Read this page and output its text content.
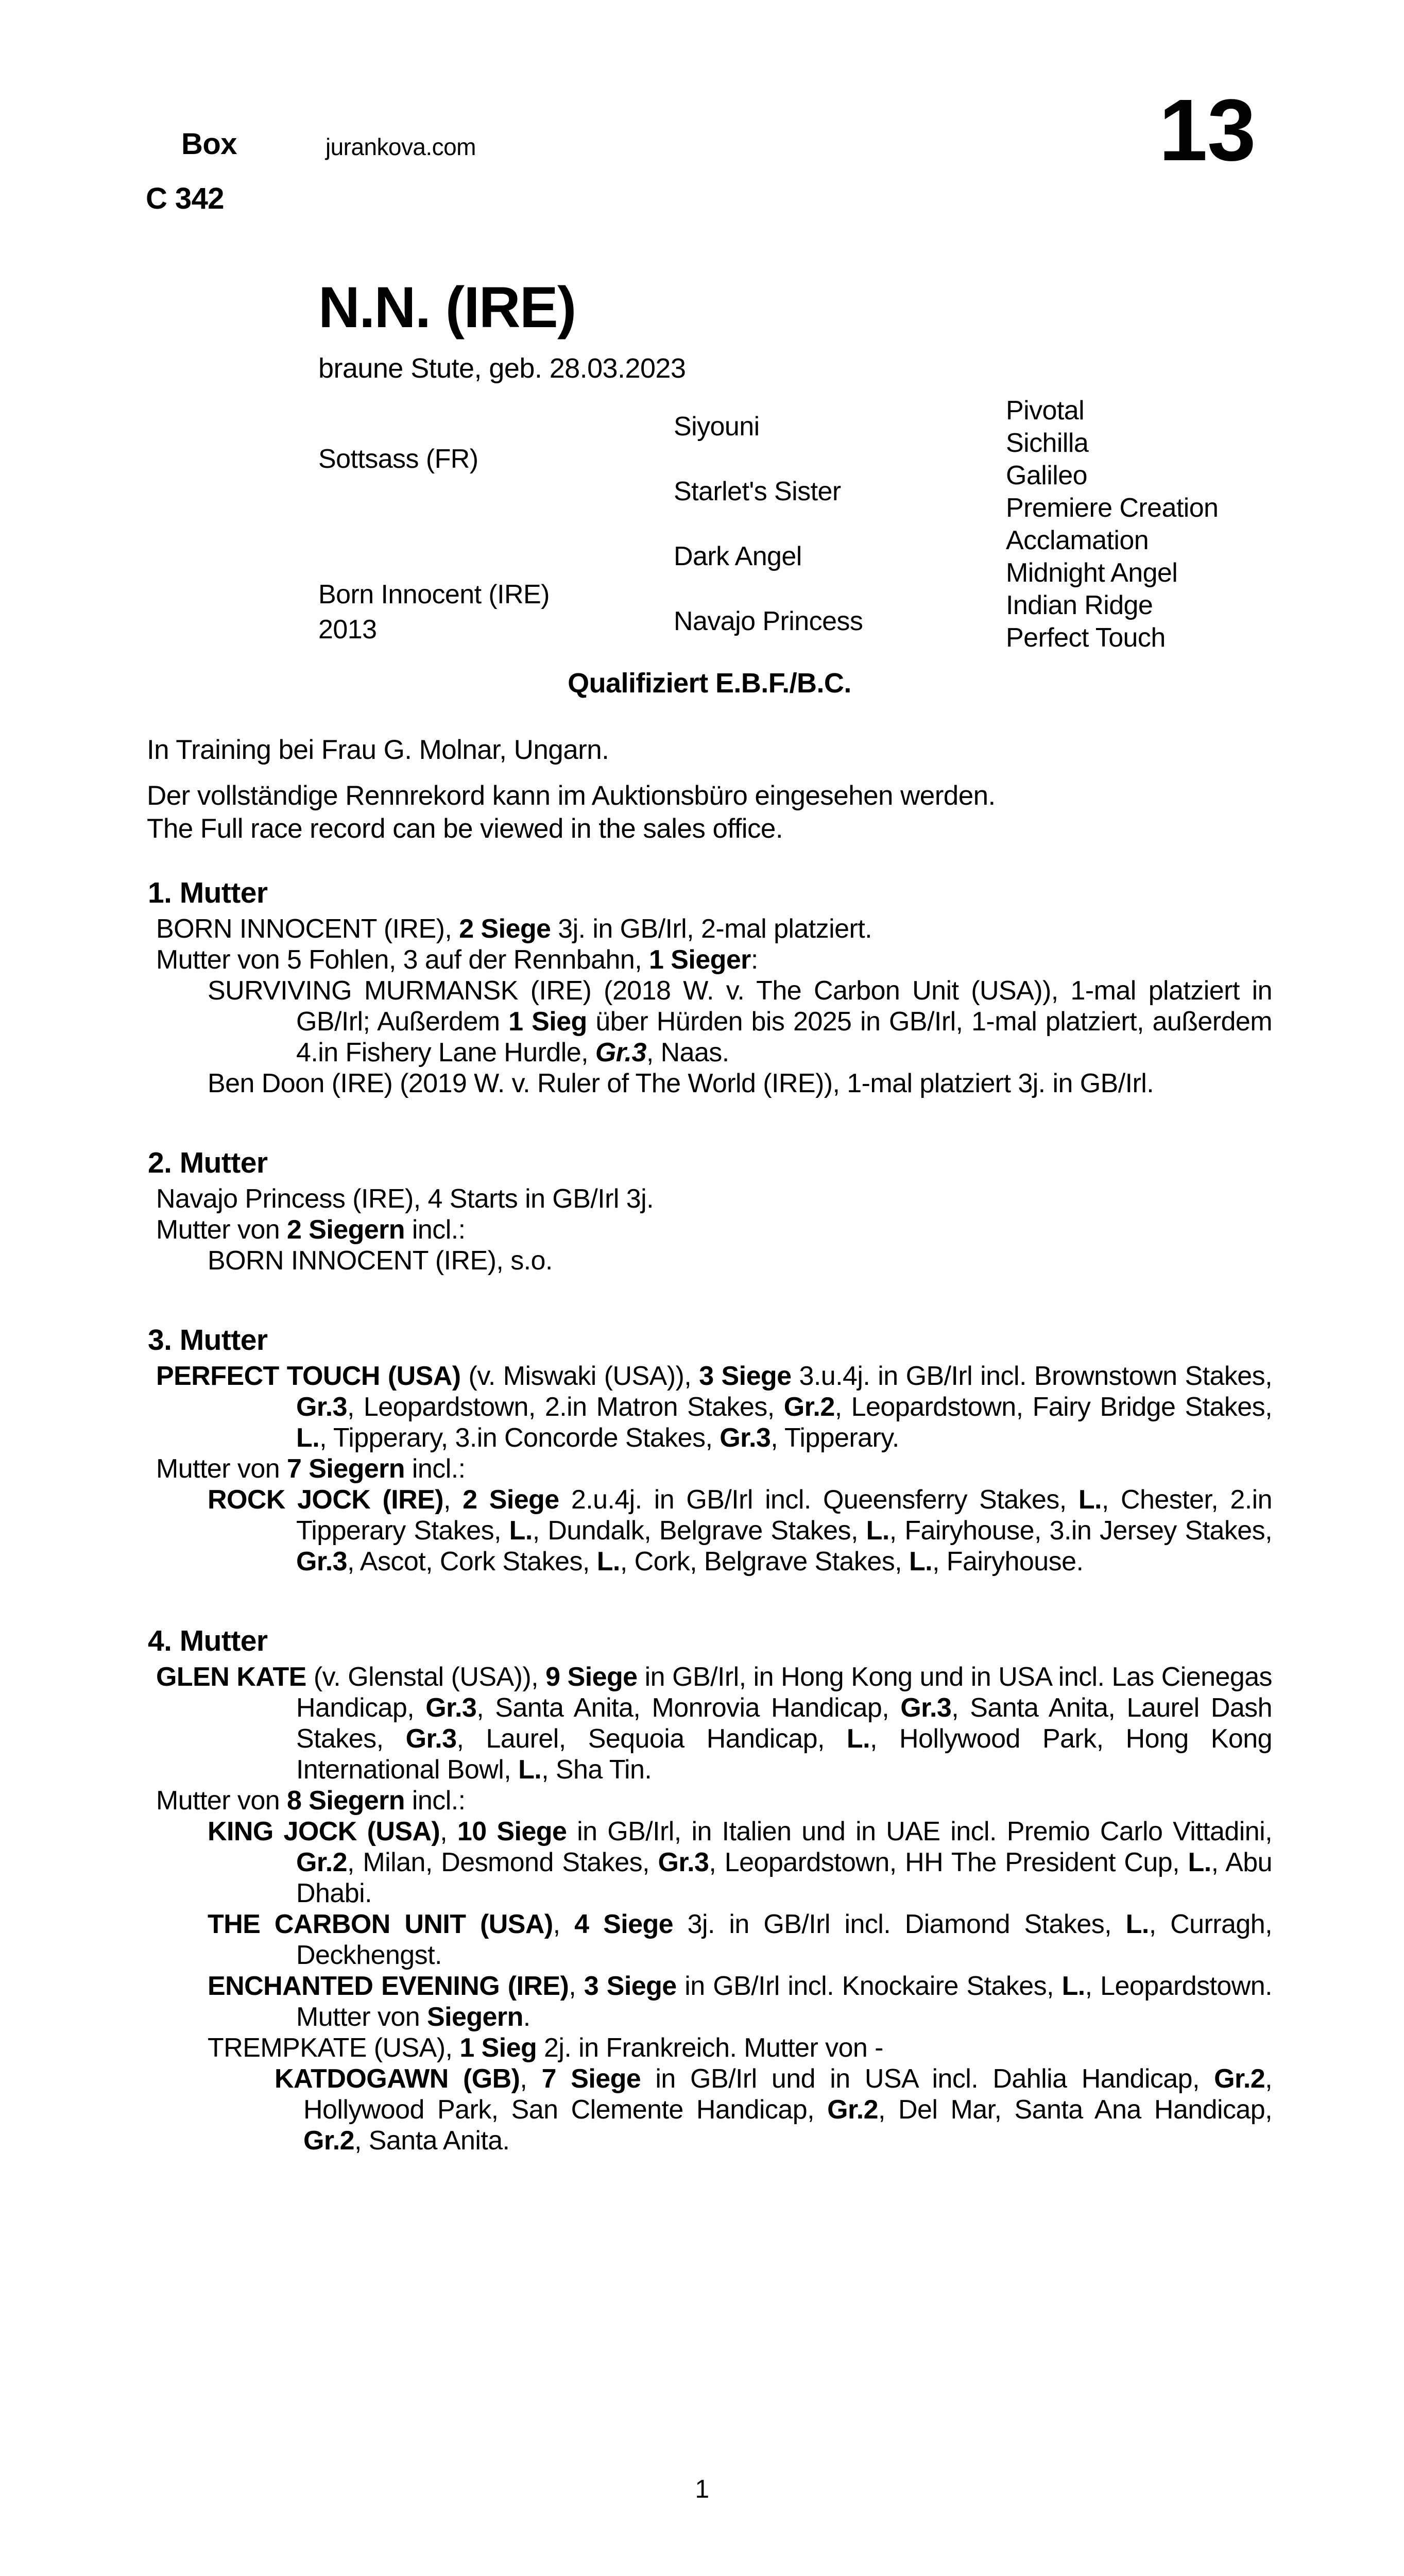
Box	jurankova.com	13
C 342
N.N. (IRE)
braune Stute, geb. 28.03.2023
Sottsass (FR)
Born Innocent (IRE)
2013
Siyouni
Starlet's Sister
Dark Angel
Navajo Princess
Pivotal
Sichilla
Galileo
Premiere Creation
Acclamation
Midnight Angel
Indian Ridge
Perfect Touch
Qualifiziert E.B.F./B.C.
In Training bei Frau G. Molnar, Ungarn.
Der vollständige Rennrekord kann im Auktionsbüro eingesehen werden.
The Full race record can be viewed in the sales office.
1. Mutter

BORN INNOCENT (IRE), 2 Siege 3j. in GB/Irl, 2-mal platziert.

Mutter von 5 Fohlen, 3 auf der Rennbahn, 1 Sieger:

SURVIVING MURMANSK (IRE) (2018 W. v. The Carbon Unit (USA)), 1-mal platziert in GB/Irl; Außerdem 1 Sieg über Hürden bis 2025 in GB/Irl, 1-mal platziert, außerdem 4.in Fishery Lane Hurdle, Gr.3, Naas.

Ben Doon (IRE) (2019 W. v. Ruler of The World (IRE)), 1-mal platziert 3j. in GB/Irl.

2. Mutter

Navajo Princess (IRE), 4 Starts in GB/Irl 3j.

Mutter von 2 Siegern incl.:

BORN INNOCENT (IRE), s.o.

3. Mutter

PERFECT TOUCH (USA) (v. Miswaki (USA)), 3 Siege 3.u.4j. in GB/Irl incl. Brownstown Stakes, Gr.3, Leopardstown, 2.in Matron Stakes, Gr.2, Leopardstown, Fairy Bridge Stakes, L., Tipperary, 3.in Concorde Stakes, Gr.3, Tipperary.

Mutter von 7 Siegern incl.:

ROCK JOCK (IRE), 2 Siege 2.u.4j. in GB/Irl incl. Queensferry Stakes, L., Chester, 2.in Tipperary Stakes, L., Dundalk, Belgrave Stakes, L., Fairyhouse, 3.in Jersey Stakes, Gr.3, Ascot, Cork Stakes, L., Cork, Belgrave Stakes, L., Fairyhouse.

4. Mutter

GLEN KATE (v. Glenstal (USA)), 9 Siege in GB/Irl, in Hong Kong und in USA incl. Las Cienegas Handicap, Gr.3, Santa Anita, Monrovia Handicap, Gr.3, Santa Anita, Laurel Dash Stakes, Gr.3, Laurel, Sequoia Handicap, L., Hollywood Park, Hong Kong International Bowl, L., Sha Tin.

Mutter von 8 Siegern incl.:

KING JOCK (USA), 10 Siege in GB/Irl, in Italien und in UAE incl. Premio Carlo Vittadini, Gr.2, Milan, Desmond Stakes, Gr.3, Leopardstown, HH The President Cup, L., Abu Dhabi.

THE CARBON UNIT (USA), 4 Siege 3j. in GB/Irl incl. Diamond Stakes, L., Curragh, Deckhengst.

ENCHANTED EVENING (IRE), 3 Siege in GB/Irl incl. Knockaire Stakes, L., Leopardstown. Mutter von Siegern.

TREMPKATE (USA), 1 Sieg 2j. in Frankreich. Mutter von -

KATDOGAWN (GB), 7 Siege in GB/Irl und in USA incl. Dahlia Handicap, Gr.2, Hollywood Park, San Clemente Handicap, Gr.2, Del Mar, Santa Ana Handicap, Gr.2, Santa Anita.

1
